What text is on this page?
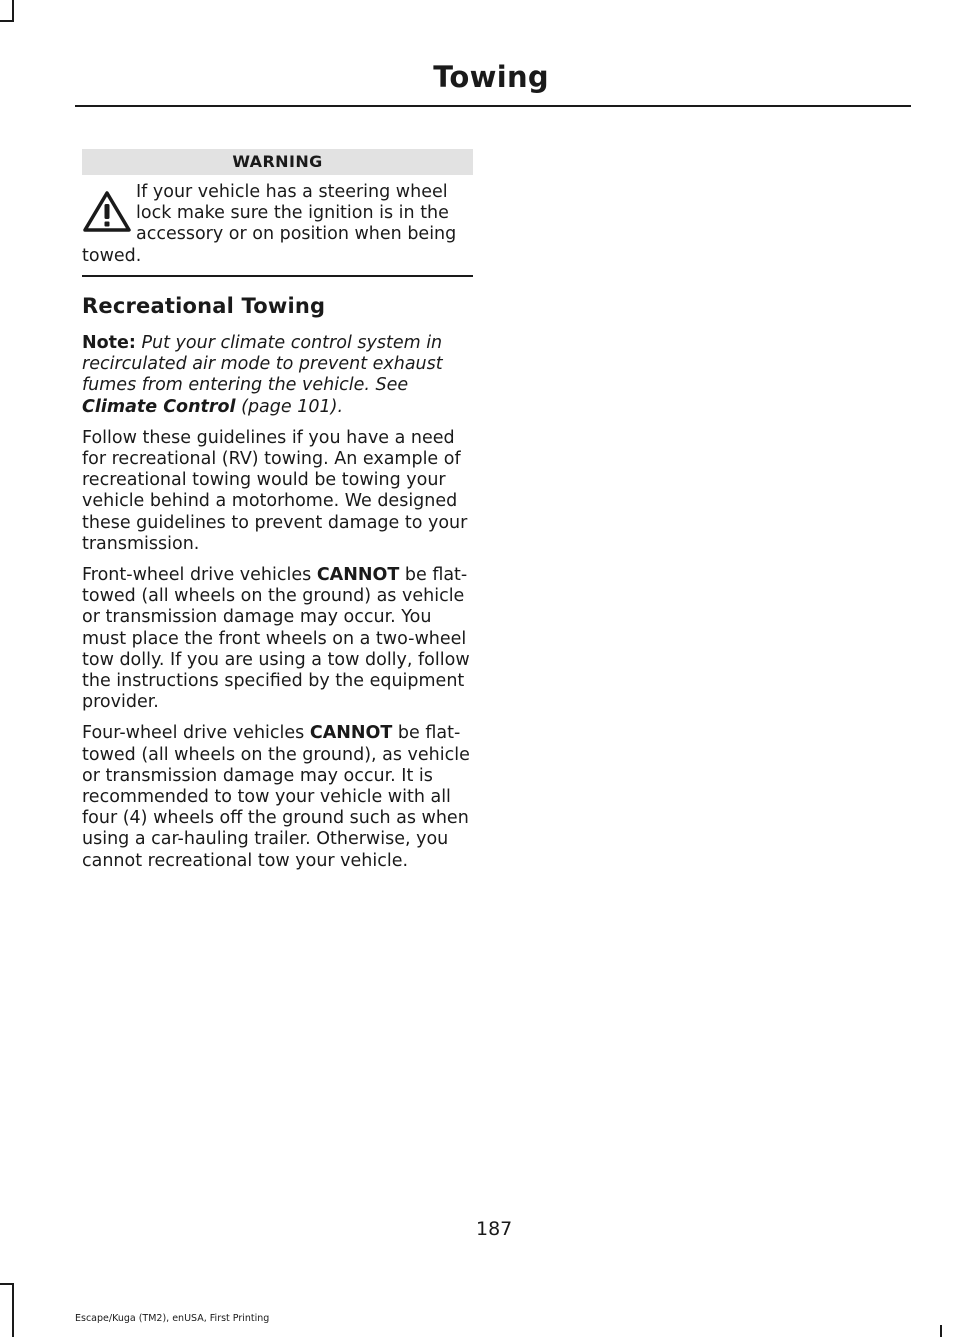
Towing
WARNING
If your vehicle has a steering wheel lock make sure the ignition is in the accessory or on position when being towed.
Recreational Towing

Note: Put your climate control system in recirculated air mode to prevent exhaust fumes from entering the vehicle. See Climate Control (page 101).

Follow these guidelines if you have a need for recreational (RV) towing. An example of recreational towing would be towing your vehicle behind a motorhome. We designed these guidelines to prevent damage to your transmission.

Front-wheel drive vehicles CANNOT be flat-towed (all wheels on the ground) as vehicle or transmission damage may occur. You must place the front wheels on a two-wheel tow dolly. If you are using a tow dolly, follow the instructions specified by the equipment provider.

Four-wheel drive vehicles CANNOT be flat-towed (all wheels on the ground), as vehicle or transmission damage may occur. It is recommended to tow your vehicle with all four (4) wheels off the ground such as when using a car-hauling trailer. Otherwise, you cannot recreational tow your vehicle.

187
Escape/Kuga (TM2), enUSA, First Printing
